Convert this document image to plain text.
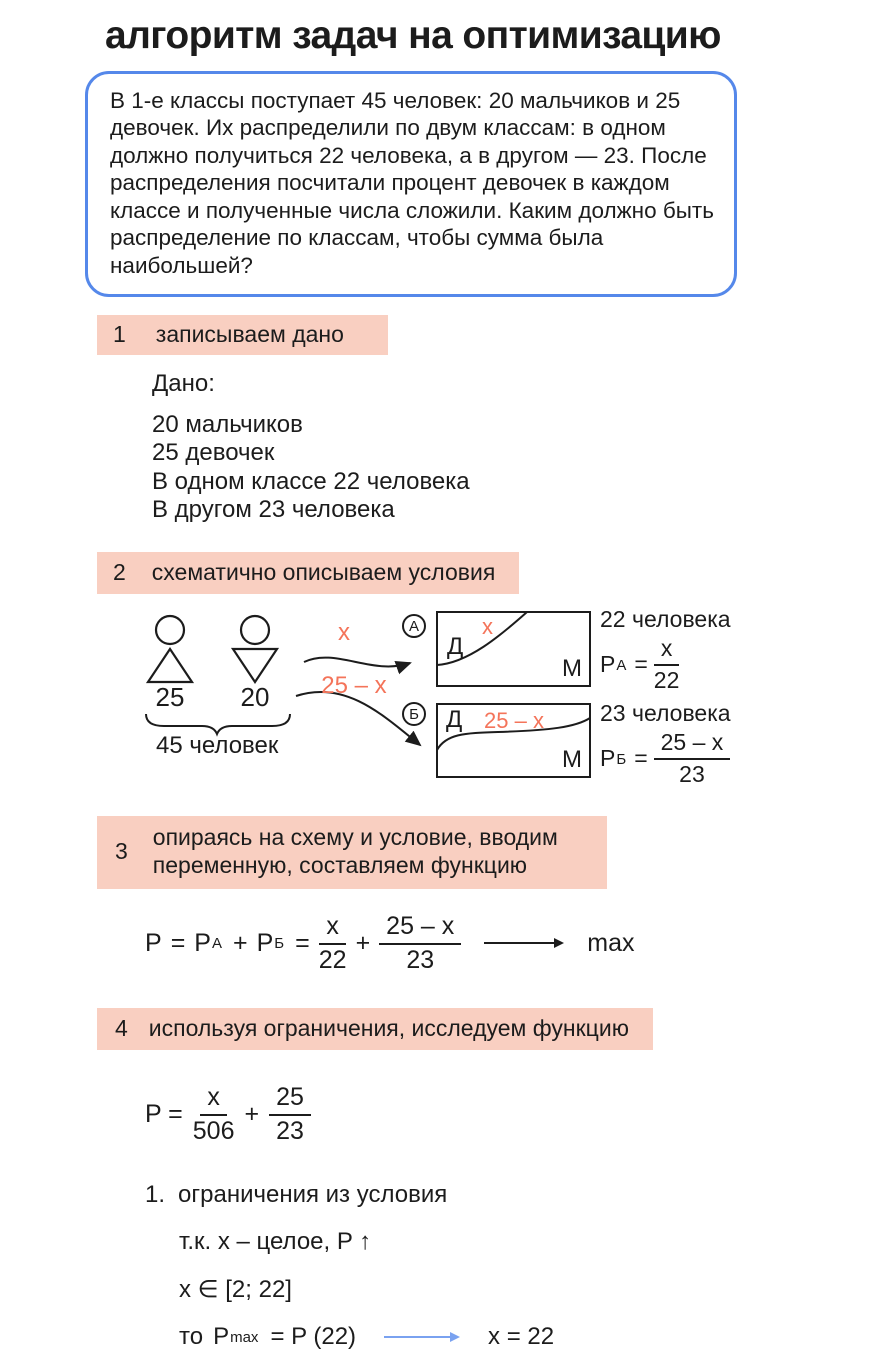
алгоритм задач на оптимизацию
В 1-е классы поступает 45 человек: 20 мальчиков и 25 девочек. Их распределили по двум классам: в одном должно получиться 22 человека, а в другом — 23. После распределения посчитали процент девочек в каждом классе и полученные числа сложили. Каким должно быть распределение по классам, чтобы сумма была наибольшей?
1 записываем дано
Дано:
20 мальчиков
25 девочек
В одном классе 22 человека
В другом 23 человека
2 схематично описываем условия
25 20
45 человек
x
25 – x
А
Д
x
М
Б Д 25 – x
М
22 человека
P $А = \frac{x}{22}$
23 человека
P $Б = \frac{25 - x}{23}$
3
опираясь на схему и условие, вводим переменную, составляем функцию
P = P А + P $Б = \frac{x}{22} + \frac{25 - x}{23}$	max
4 используя ограничения, исследуем функцию
$P = \frac{x}{506} + \frac{25}{23}$
1. ограничения из условия
т.к. x – целое, P ↑
x ∈ [2; 22]
то P max = P (22)	x = 22
